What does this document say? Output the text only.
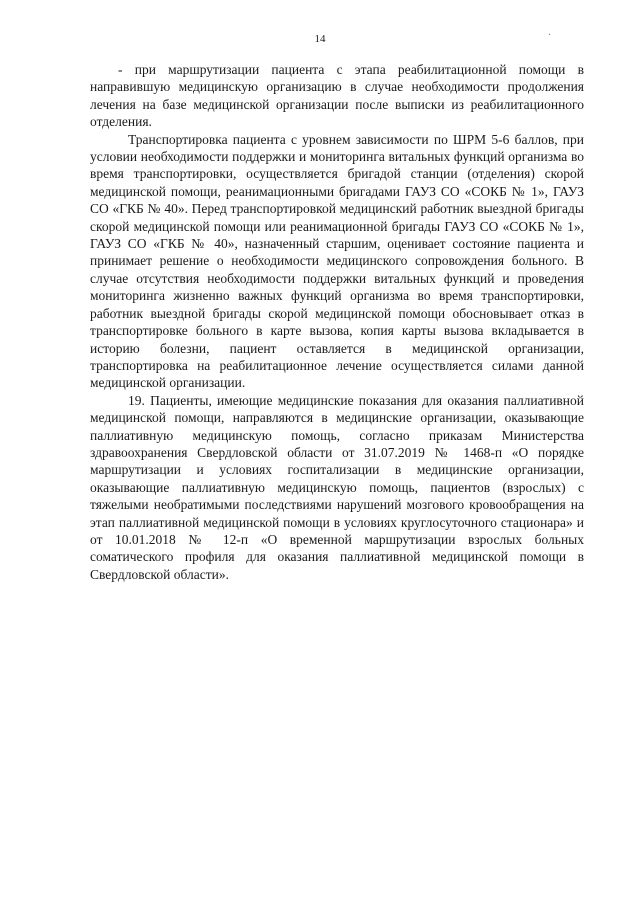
14	·

- при маршрутизации пациента с этапа реабилитационной помощи в направившую медицинскую организацию в случае необходимости продолжения лечения на базе медицинской организации после выписки из реабилитационного отделения.

Транспортировка пациента с уровнем зависимости по ШРМ 5-6 баллов, при условии необходимости поддержки и мониторинга витальных функций организма во время транспортировки, осуществляется бригадой станции (отделения) скорой медицинской помощи, реанимационными бригадами ГАУЗ СО «СОКБ № 1», ГАУЗ СО «ГКБ № 40». Перед транспортировкой медицинский работник выездной бригады скорой медицинской помощи или реанимационной бригады ГАУЗ СО «СОКБ № 1», ГАУЗ СО «ГКБ № 40», назначенный старшим, оценивает состояние пациента и принимает решение о необходимости медицинского сопровождения больного. В случае отсутствия необходимости поддержки витальных функций и проведения мониторинга жизненно важных функций организма во время транспортировки, работник выездной бригады скорой медицинской помощи обосновывает отказ в транспортировке больного в карте вызова, копия карты вызова вкладывается в историю болезни, пациент оставляется в медицинской организации, транспортировка на реабилитационное лечение осуществляется силами данной медицинской организации.

19. Пациенты, имеющие медицинские показания для оказания паллиативной медицинской помощи, направляются в медицинские организации, оказывающие паллиативную медицинскую помощь, согласно приказам Министерства здравоохранения Свердловской области от 31.07.2019 № 1468-п «О порядке маршрутизации и условиях госпитализации в медицинские организации, оказывающие паллиативную медицинскую помощь, пациентов (взрослых) с тяжелыми необратимыми последствиями нарушений мозгового кровообращения на этап паллиативной медицинской помощи в условиях круглосуточного стационара» и от 10.01.2018 № 12-п «О временной маршрутизации взрослых больных соматического профиля для оказания паллиативной медицинской помощи в Свердловской области».
